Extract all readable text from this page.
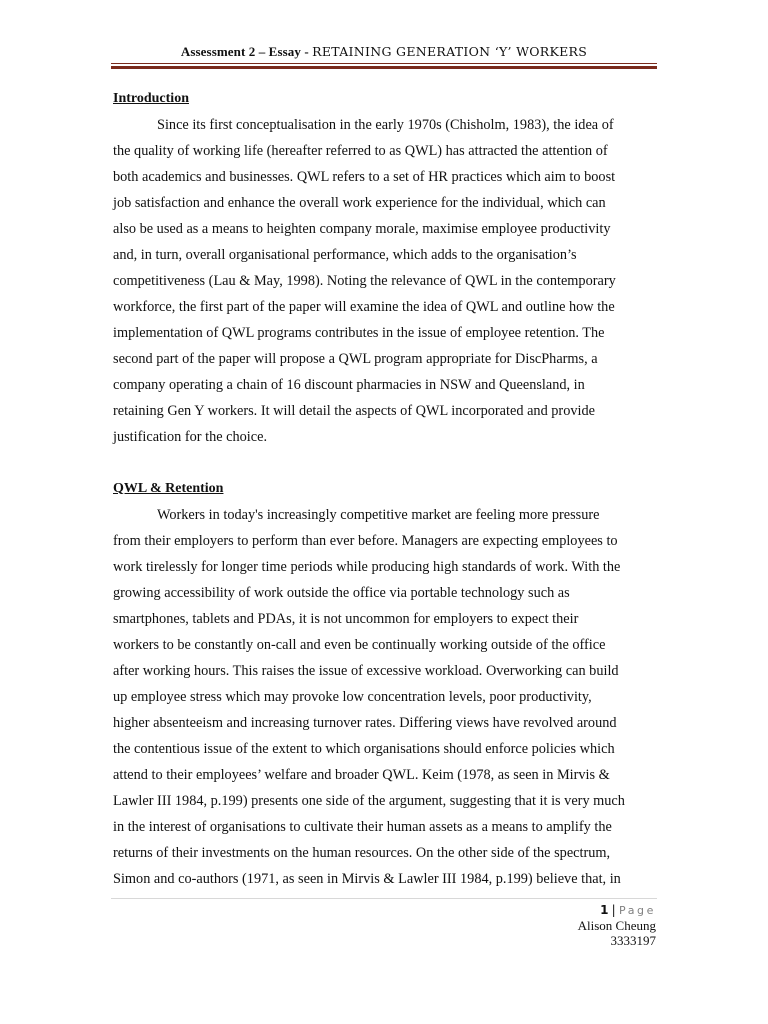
Assessment 2 – Essay - RETAINING GENERATION ‘Y’ WORKERS
Introduction
Since its first conceptualisation in the early 1970s (Chisholm, 1983), the idea of
the quality of working life (hereafter referred to as QWL) has attracted the attention of
both academics and businesses. QWL refers to a set of HR practices which aim to boost
job satisfaction and enhance the overall work experience for the individual, which can
also be used as a means to heighten company morale, maximise employee productivity
and, in turn, overall organisational performance, which adds to the organisation’s
competitiveness (Lau & May, 1998). Noting the relevance of QWL in the contemporary
workforce, the first part of the paper will examine the idea of QWL and outline how the
implementation of QWL programs contributes in the issue of employee retention. The
second part of the paper will propose a QWL program appropriate for DiscPharms, a
company operating a chain of 16 discount pharmacies in NSW and Queensland, in
retaining Gen Y workers. It will detail the aspects of QWL incorporated and provide
justification for the choice.
QWL & Retention
Workers in today's increasingly competitive market are feeling more pressure
from their employers to perform than ever before. Managers are expecting employees to
work tirelessly for longer time periods while producing high standards of work. With the
growing accessibility of work outside the office via portable technology such as
smartphones, tablets and PDAs, it is not uncommon for employers to expect their
workers to be constantly on-call and even be continually working outside of the office
after working hours. This raises the issue of excessive workload. Overworking can build
up employee stress which may provoke low concentration levels, poor productivity,
higher absenteeism and increasing turnover rates. Differing views have revolved around
the contentious issue of the extent to which organisations should enforce policies which
attend to their employees’ welfare and broader QWL. Keim (1978, as seen in Mirvis &
Lawler III 1984, p.199) presents one side of the argument, suggesting that it is very much
in the interest of organisations to cultivate their human assets as a means to amplify the
returns of their investments on the human resources. On the other side of the spectrum,
Simon and co-authors (1971, as seen in Mirvis & Lawler III 1984, p.199) believe that, in
1 | Page
Alison Cheung
3333197
